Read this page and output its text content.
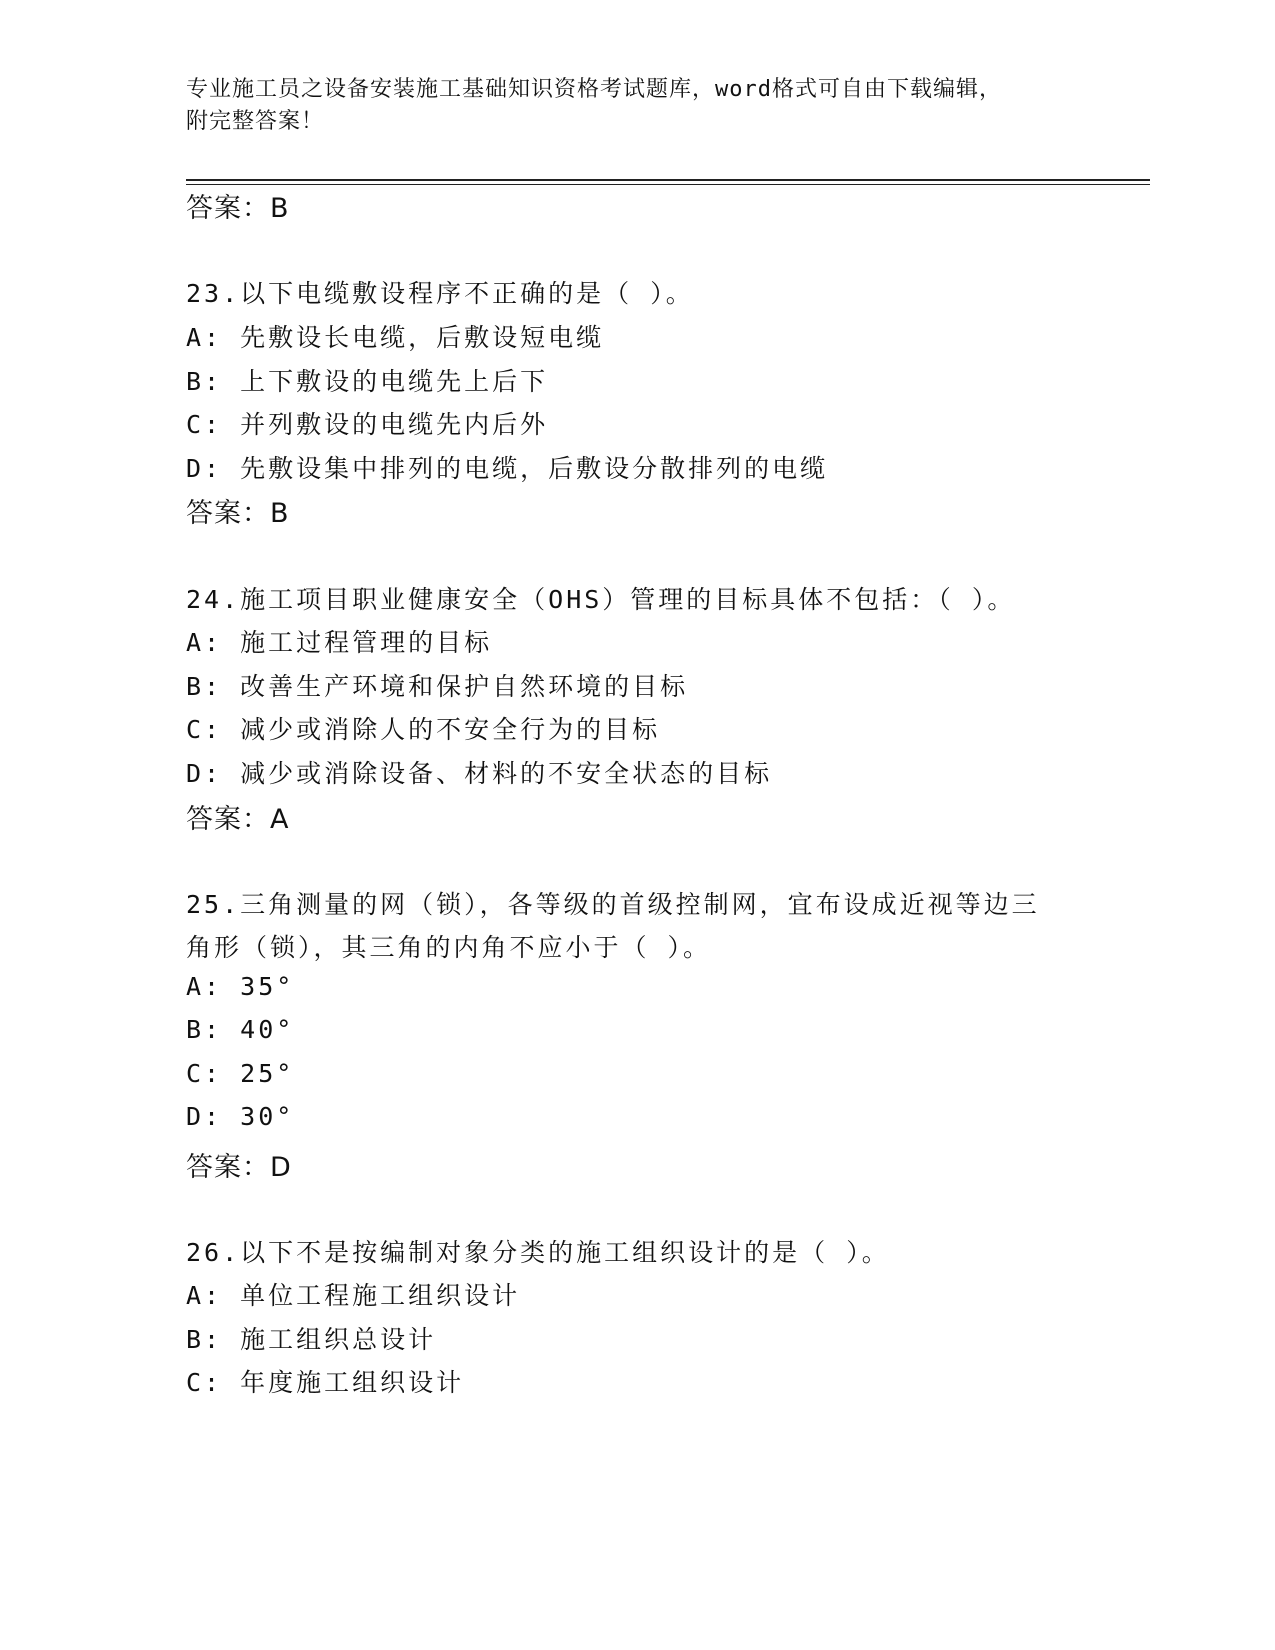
专业施工员之设备安装施工基础知识资格考试题库，word格式可自由下载编辑，
附完整答案！
答案：B
23.以下电缆敷设程序不正确的是（ ）。
A: 先敷设长电缆，后敷设短电缆
B: 上下敷设的电缆先上后下
C: 并列敷设的电缆先内后外
D: 先敷设集中排列的电缆，后敷设分散排列的电缆
答案：B
24.施工项目职业健康安全（OHS）管理的目标具体不包括：（ ）。
A: 施工过程管理的目标
B: 改善生产环境和保护自然环境的目标
C: 减少或消除人的不安全行为的目标
D: 减少或消除设备、材料的不安全状态的目标
答案：A
25.三角测量的网（锁），各等级的首级控制网，宜布设成近视等边三
角形（锁），其三角的内角不应小于（ ）。
A: 35°
B: 40°
C: 25°
D: 30°
答案：D
26.以下不是按编制对象分类的施工组织设计的是（ ）。
A: 单位工程施工组织设计
B: 施工组织总设计
C: 年度施工组织设计
